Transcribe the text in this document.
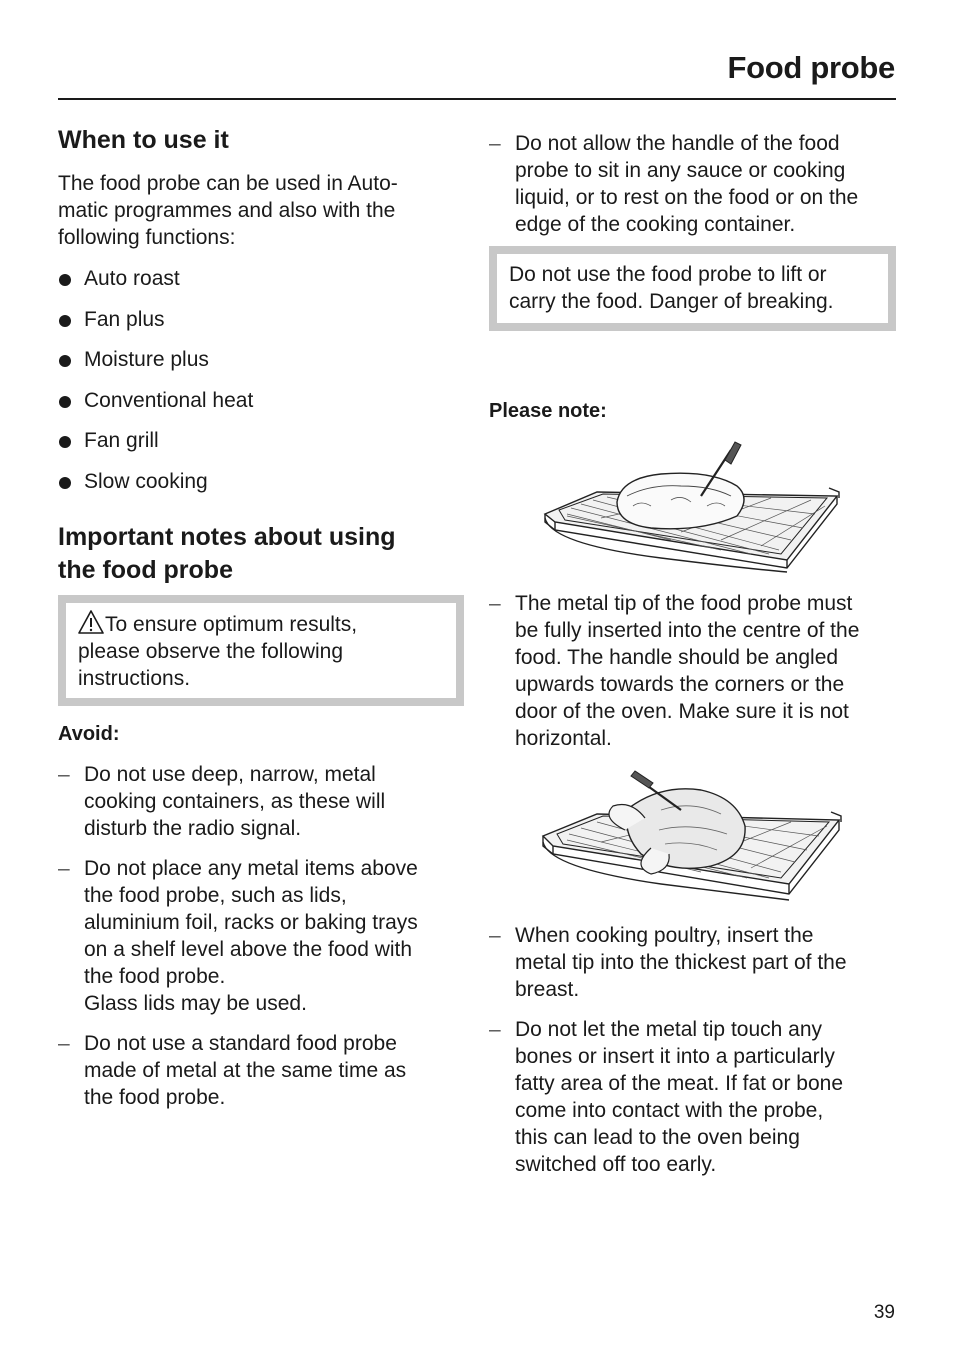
Food probe
When to use it

The food probe can be used in Auto-
matic programmes and also with the
following functions:

Auto roast
Fan plus
Moisture plus
Conventional heat
Fan grill
Slow cooking
Important notes about using the food probe
To ensure optimum results,
please observe the following
instructions.

Avoid:

– Do not use deep, narrow, metal
cooking containers, as these will
disturb the radio signal.
– Do not place any metal items above
the food probe, such as lids,
aluminium foil, racks or baking trays
on a shelf level above the food with
the food probe.
Glass lids may be used.
– Do not use a standard food probe
made of metal at the same time as
the food probe.
– Do not allow the handle of the food
probe to sit in any sauce or cooking
liquid, or to rest on the food or on the
edge of the cooking container.
Do not use the food probe to lift or
carry the food. Danger of breaking.

Please note:

– The metal tip of the food probe must
be fully inserted into the centre of the
food. The handle should be angled
upwards towards the corners or the
door of the oven. Make sure it is not
horizontal.
– When cooking poultry, insert the
metal tip into the thickest part of the
breast.
– Do not let the metal tip touch any
bones or insert it into a particularly
fatty area of the meat. If fat or bone
come into contact with the probe,
this can lead to the oven being
switched off too early.
39
